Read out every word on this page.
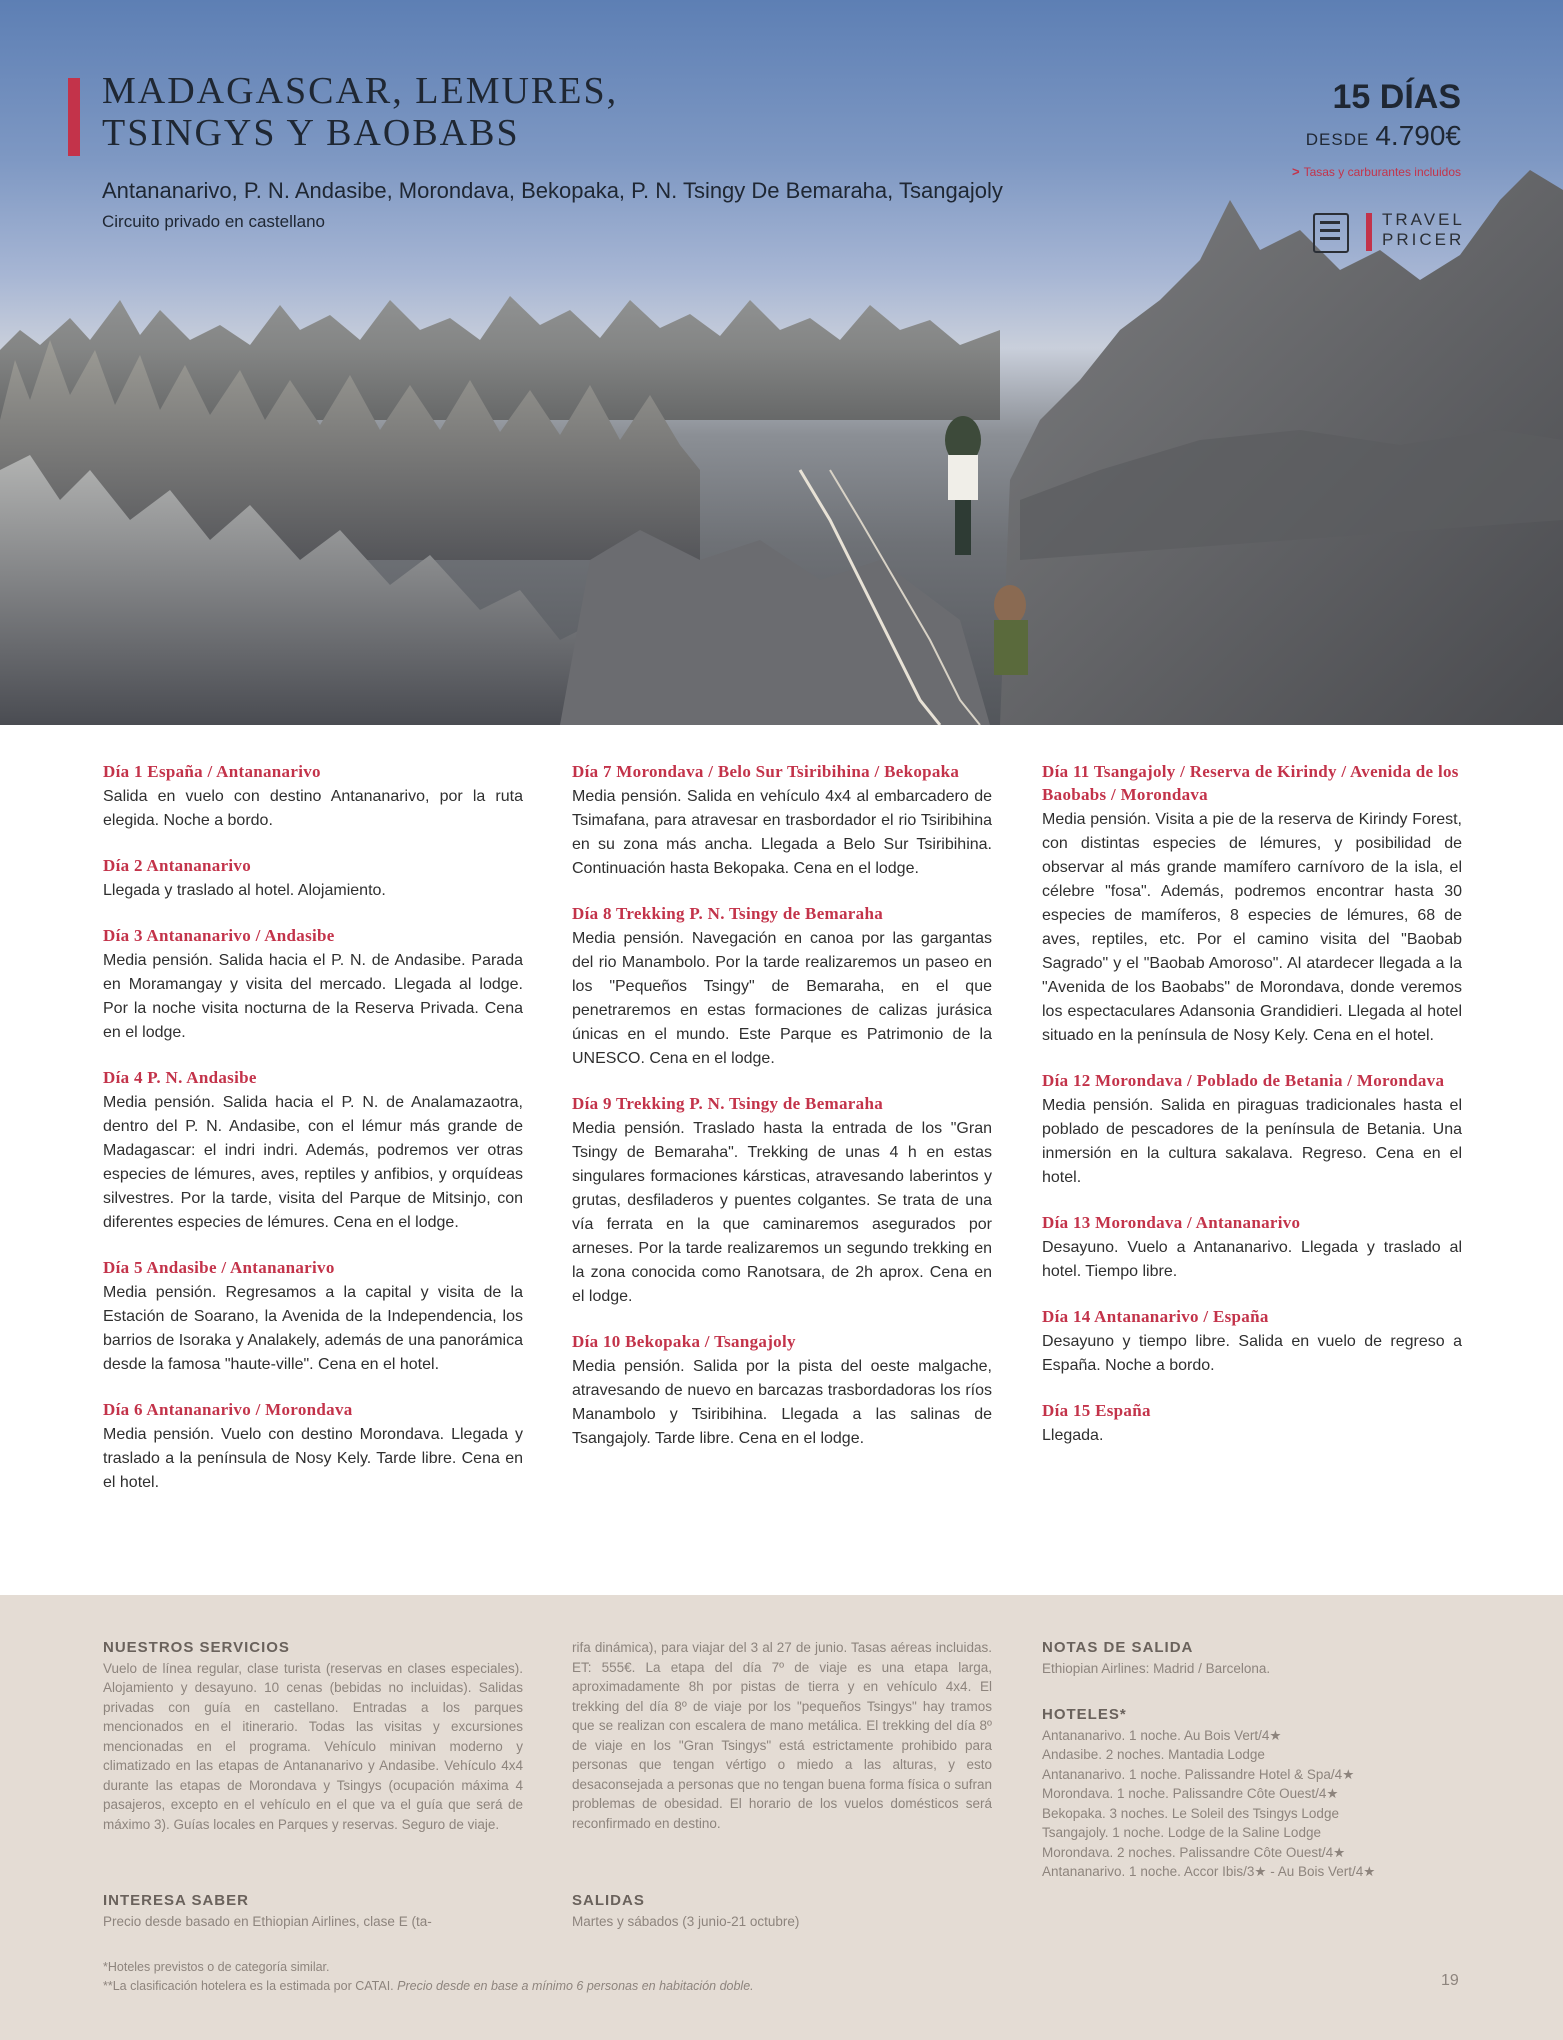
MADAGASCAR, LEMURES,
TSINGYS Y BAOBABS
Antananarivo, P. N. Andasibe, Morondava, Bekopaka, P. N. Tsingy De Bemaraha, Tsangajoly
Circuito privado en castellano
15 DÍAS
DESDE 4.790€
> Tasas y carburantes incluidos
TRAVEL
PRICER
Día 1 España / Antananarivo

Salida en vuelo con destino Antananarivo, por la ruta elegida. Noche a bordo.

Día 2 Antananarivo

Llegada y traslado al hotel. Alojamiento.

Día 3 Antananarivo / Andasibe

Media pensión. Salida hacia el P. N. de Andasibe. Parada en Moramangay y visita del mercado. Llegada al lodge. Por la noche visita nocturna de la Reserva Privada. Cena en el lodge.

Día 4 P. N. Andasibe

Media pensión. Salida hacia el P. N. de Analamazaotra, dentro del P. N. Andasibe, con el lémur más grande de Madagascar: el indri indri. Además, podremos ver otras especies de lémures, aves, reptiles y anfibios, y orquídeas silvestres. Por la tarde, visita del Parque de Mitsinjo, con diferentes especies de lémures. Cena en el lodge.

Día 5 Andasibe / Antananarivo

Media pensión. Regresamos a la capital y visita de la Estación de Soarano, la Avenida de la Independencia, los barrios de Isoraka y Analakely, además de una panorámica desde la famosa "haute-ville". Cena en el hotel.

Día 6 Antananarivo / Morondava

Media pensión. Vuelo con destino Morondava. Llegada y traslado a la península de Nosy Kely. Tarde libre. Cena en el hotel.

Día 7 Morondava / Belo Sur Tsiribihina / Bekopaka

Media pensión. Salida en vehículo 4x4 al embarcadero de Tsimafana, para atravesar en trasbordador el rio Tsiribihina en su zona más ancha. Llegada a Belo Sur Tsiribihina. Continuación hasta Bekopaka. Cena en el lodge.

Día 8 Trekking P. N. Tsingy de Bemaraha

Media pensión. Navegación en canoa por las gargantas del rio Manambolo. Por la tarde realizaremos un paseo en los "Pequeños Tsingy" de Bemaraha, en el que penetraremos en estas formaciones de calizas jurásica únicas en el mundo. Este Parque es Patrimonio de la UNESCO. Cena en el lodge.

Día 9 Trekking P. N. Tsingy de Bemaraha

Media pensión. Traslado hasta la entrada de los "Gran Tsingy de Bemaraha". Trekking de unas 4 h en estas singulares formaciones kársticas, atravesando laberintos y grutas, desfiladeros y puentes colgantes. Se trata de una vía ferrata en la que caminaremos asegurados por arneses. Por la tarde realizaremos un segundo trekking en la zona conocida como Ranotsara, de 2h aprox. Cena en el lodge.

Día 10 Bekopaka / Tsangajoly

Media pensión. Salida por la pista del oeste malgache, atravesando de nuevo en barcazas trasbordadoras los ríos Manambolo y Tsiribihina. Llegada a las salinas de Tsangajoly. Tarde libre. Cena en el lodge.

Día 11 Tsangajoly / Reserva de Kirindy / Avenida de los Baobabs / Morondava

Media pensión. Visita a pie de la reserva de Kirindy Forest, con distintas especies de lémures, y posibilidad de observar al más grande mamífero carnívoro de la isla, el célebre "fosa". Además, podremos encontrar hasta 30 especies de mamíferos, 8 especies de lémures, 68 de aves, reptiles, etc. Por el camino visita del "Baobab Sagrado" y el "Baobab Amoroso". Al atardecer llegada a la "Avenida de los Baobabs" de Morondava, donde veremos los espectaculares Adansonia Grandidieri. Llegada al hotel situado en la península de Nosy Kely. Cena en el hotel.

Día 12 Morondava / Poblado de Betania / Morondava

Media pensión. Salida en piraguas tradicionales hasta el poblado de pescadores de la península de Betania. Una inmersión en la cultura sakalava. Regreso. Cena en el hotel.

Día 13 Morondava / Antananarivo

Desayuno. Vuelo a Antananarivo. Llegada y traslado al hotel. Tiempo libre.

Día 14 Antananarivo / España

Desayuno y tiempo libre. Salida en vuelo de regreso a España. Noche a bordo.

Día 15 España

Llegada.

NUESTROS SERVICIOS

Vuelo de línea regular, clase turista (reservas en clases especiales). Alojamiento y desayuno. 10 cenas (bebidas no incluidas). Salidas privadas con guía en castellano. Entradas a los parques mencionados en el itinerario. Todas las visitas y excursiones mencionadas en el programa. Vehículo minivan moderno y climatizado en las etapas de Antananarivo y Andasibe. Vehículo 4x4 durante las etapas de Morondava y Tsingys (ocupación máxima 4 pasajeros, excepto en el vehículo en el que va el guía que será de máximo 3). Guías locales en Parques y reservas. Seguro de viaje.

INTERESA SABER

Precio desde basado en Ethiopian Airlines, clase E (ta-

rifa dinámica), para viajar del 3 al 27 de junio. Tasas aéreas incluidas. ET: 555€. La etapa del día 7º de viaje es una etapa larga, aproximadamente 8h por pistas de tierra y en vehículo 4x4. El trekking del día 8º de viaje por los "pequeños Tsingys" hay tramos que se realizan con escalera de mano metálica. El trekking del día 8º de viaje en los "Gran Tsingys" está estrictamente prohibido para personas que tengan vértigo o miedo a las alturas, y esto desaconsejada a personas que no tengan buena forma física o sufran problemas de obesidad. El horario de los vuelos domésticos será reconfirmado en destino.

SALIDAS

Martes y sábados (3 junio-21 octubre)

NOTAS DE SALIDA

Ethiopian Airlines: Madrid / Barcelona.

HOTELES*
Antananarivo. 1 noche. Au Bois Vert/4★
Andasibe. 2 noches. Mantadia Lodge
Antananarivo. 1 noche. Palissandre Hotel & Spa/4★
Morondava. 1 noche. Palissandre Côte Ouest/4★
Bekopaka. 3 noches. Le Soleil des Tsingys Lodge
Tsangajoly. 1 noche. Lodge de la Saline Lodge
Morondava. 2 noches. Palissandre Côte Ouest/4★
Antananarivo. 1 noche. Accor Ibis/3★ - Au Bois Vert/4★
*Hoteles previstos o de categoría similar.
**La clasificación hotelera es la estimada por CATAI. Precio desde en base a mínimo 6 personas en habitación doble.	19
